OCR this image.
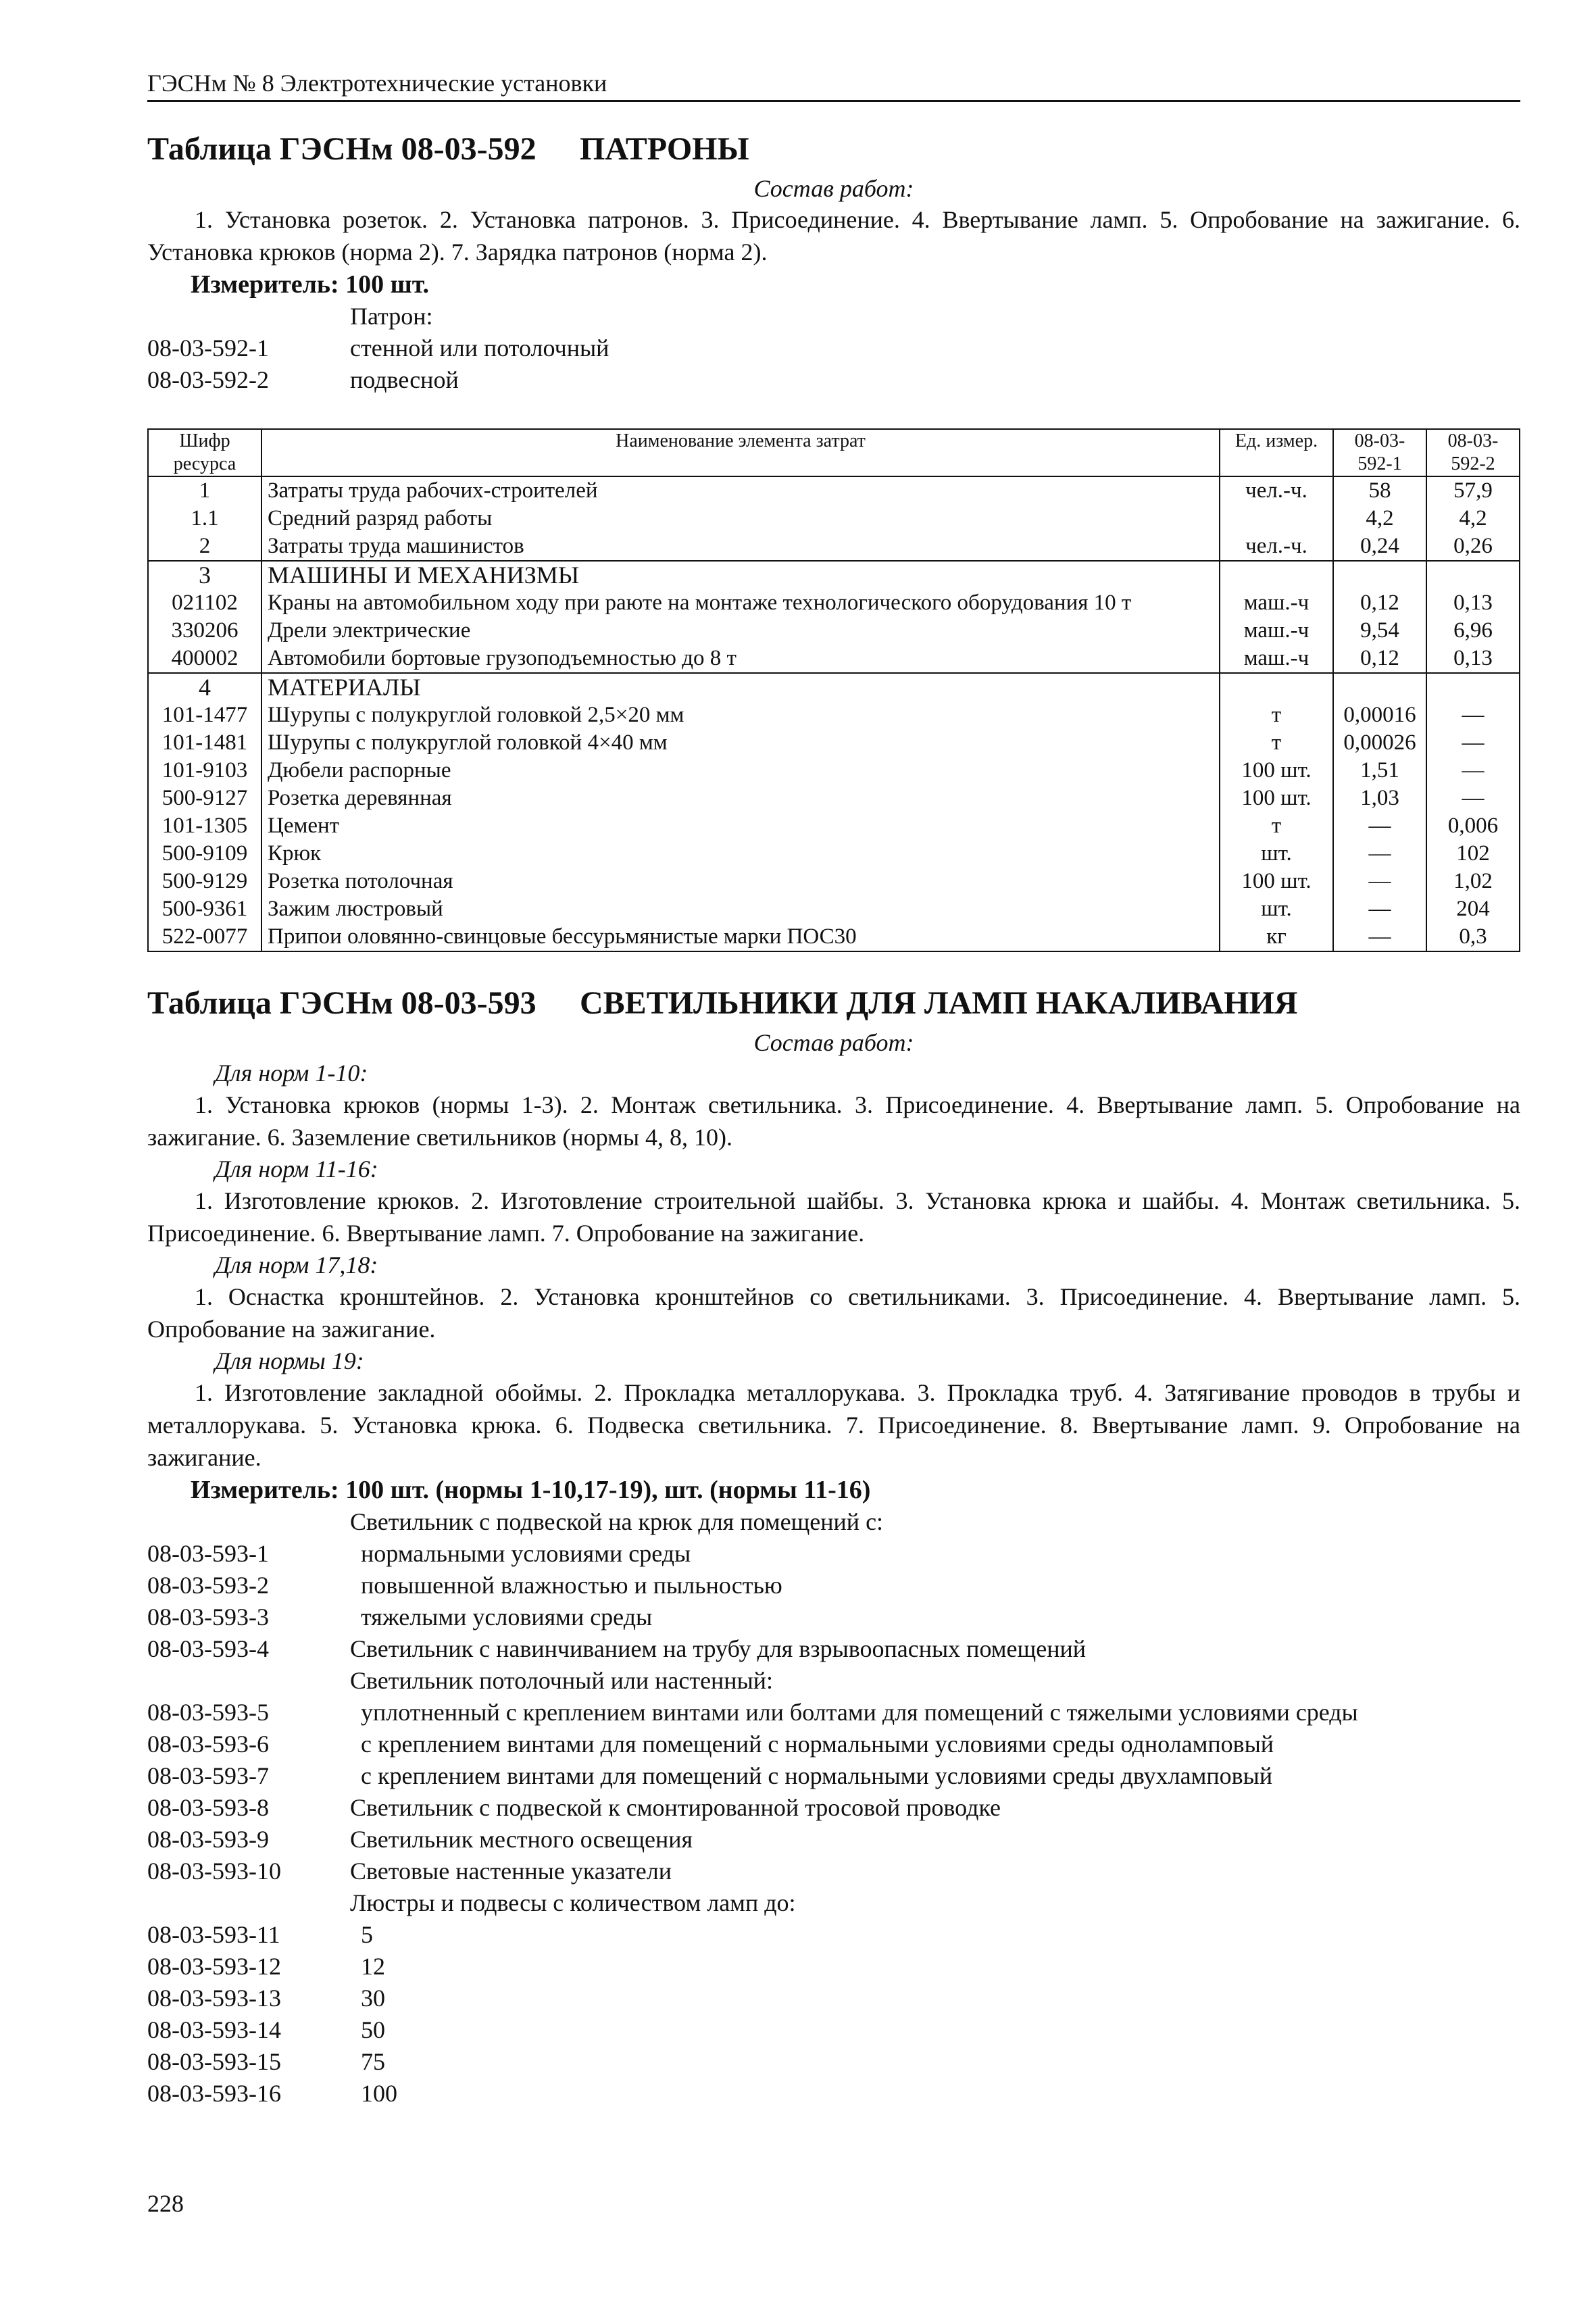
ГЭСНм № 8 Электротехнические установки
Таблица ГЭСНм 08-03-592	ПАТРОНЫ
Состав работ:
1. Установка розеток. 2. Установка патронов. 3. Присоединение. 4. Ввертывание ламп. 5. Опробование на зажигание. 6. Установка крюков (норма 2). 7. Зарядка патронов (норма 2).
Измеритель: 100 шт.
Патрон:
08-03-592-1	стенной или потолочный
08-03-592-2	подвесной
Шифр ресурса	Наименование элемента затрат	Ед. измер.	08-03-592-1	08-03-592-2
1	Затраты труда рабочих-строителей	чел.-ч.	58	57,9
1.1	Средний разряд работы		4,2	4,2
2	Затраты труда машинистов	чел.-ч.	0,24	0,26
3	МАШИНЫ И МЕХАНИЗМЫ			
021102	Краны на автомобильном ходу при раюте на монтаже технологического оборудования 10 т	маш.-ч	0,12	0,13
330206	Дрели электрические	маш.-ч	9,54	6,96
400002	Автомобили бортовые грузоподъемностью до 8 т	маш.-ч	0,12	0,13
4	МАТЕРИАЛЫ			
101-1477	Шурупы с полукруглой головкой 2,5×20 мм	т	0,00016	—
101-1481	Шурупы с полукруглой головкой 4×40 мм	т	0,00026	—
101-9103	Дюбели распорные	100 шт.	1,51	—
500-9127	Розетка деревянная	100 шт.	1,03	—
101-1305	Цемент	т	—	0,006
500-9109	Крюк	шт.	—	102
500-9129	Розетка потолочная	100 шт.	—	1,02
500-9361	Зажим люстровый	шт.	—	204
522-0077	Припои оловянно-свинцовые бессурьмянистые марки ПОС30	кг	—	0,3
Таблица ГЭСНм 08-03-593	СВЕТИЛЬНИКИ ДЛЯ ЛАМП НАКАЛИВАНИЯ
Состав работ:
Для норм 1-10:
1. Установка крюков (нормы 1-3). 2. Монтаж светильника. 3. Присоединение. 4. Ввертывание ламп. 5. Опробование на зажигание. 6. Заземление светильников (нормы 4, 8, 10).
Для норм 11-16:
1. Изготовление крюков. 2. Изготовление строительной шайбы. 3. Установка крюка и шайбы. 4. Монтаж светильника. 5. Присоединение. 6. Ввертывание ламп. 7. Опробование на зажигание.
Для норм 17,18:
1. Оснастка кронштейнов. 2. Установка кронштейнов со светильниками. 3. Присоединение. 4. Ввертывание ламп. 5. Опробование на зажигание.
Для нормы 19:
1. Изготовление закладной обоймы. 2. Прокладка металлорукава. 3. Прокладка труб. 4. Затягивание проводов в трубы и металлорукава. 5. Установка крюка. 6. Подвеска светильника. 7. Присоединение. 8. Ввертывание ламп. 9. Опробование на зажигание.
Измеритель: 100 шт. (нормы 1-10,17-19), шт. (нормы 11-16)
Светильник с подвеской на крюк для помещений с:
08-03-593-1	нормальными условиями среды
08-03-593-2	повышенной влажностью и пыльностью
08-03-593-3	тяжелыми условиями среды
08-03-593-4	Светильник с навинчиванием на трубу для взрывоопасных помещений
Светильник потолочный или настенный:
08-03-593-5	уплотненный с креплением винтами или болтами для помещений с тяжелыми условиями среды
08-03-593-6	с креплением винтами для помещений с нормальными условиями среды одноламповый
08-03-593-7	с креплением винтами для помещений с нормальными условиями среды двухламповый
08-03-593-8	Светильник с подвеской к смонтированной тросовой проводке
08-03-593-9	Светильник местного освещения
08-03-593-10	Световые настенные указатели
Люстры и подвесы с количеством ламп до:
08-03-593-11	5
08-03-593-12	12
08-03-593-13	30
08-03-593-14	50
08-03-593-15	75
08-03-593-16	100
228
